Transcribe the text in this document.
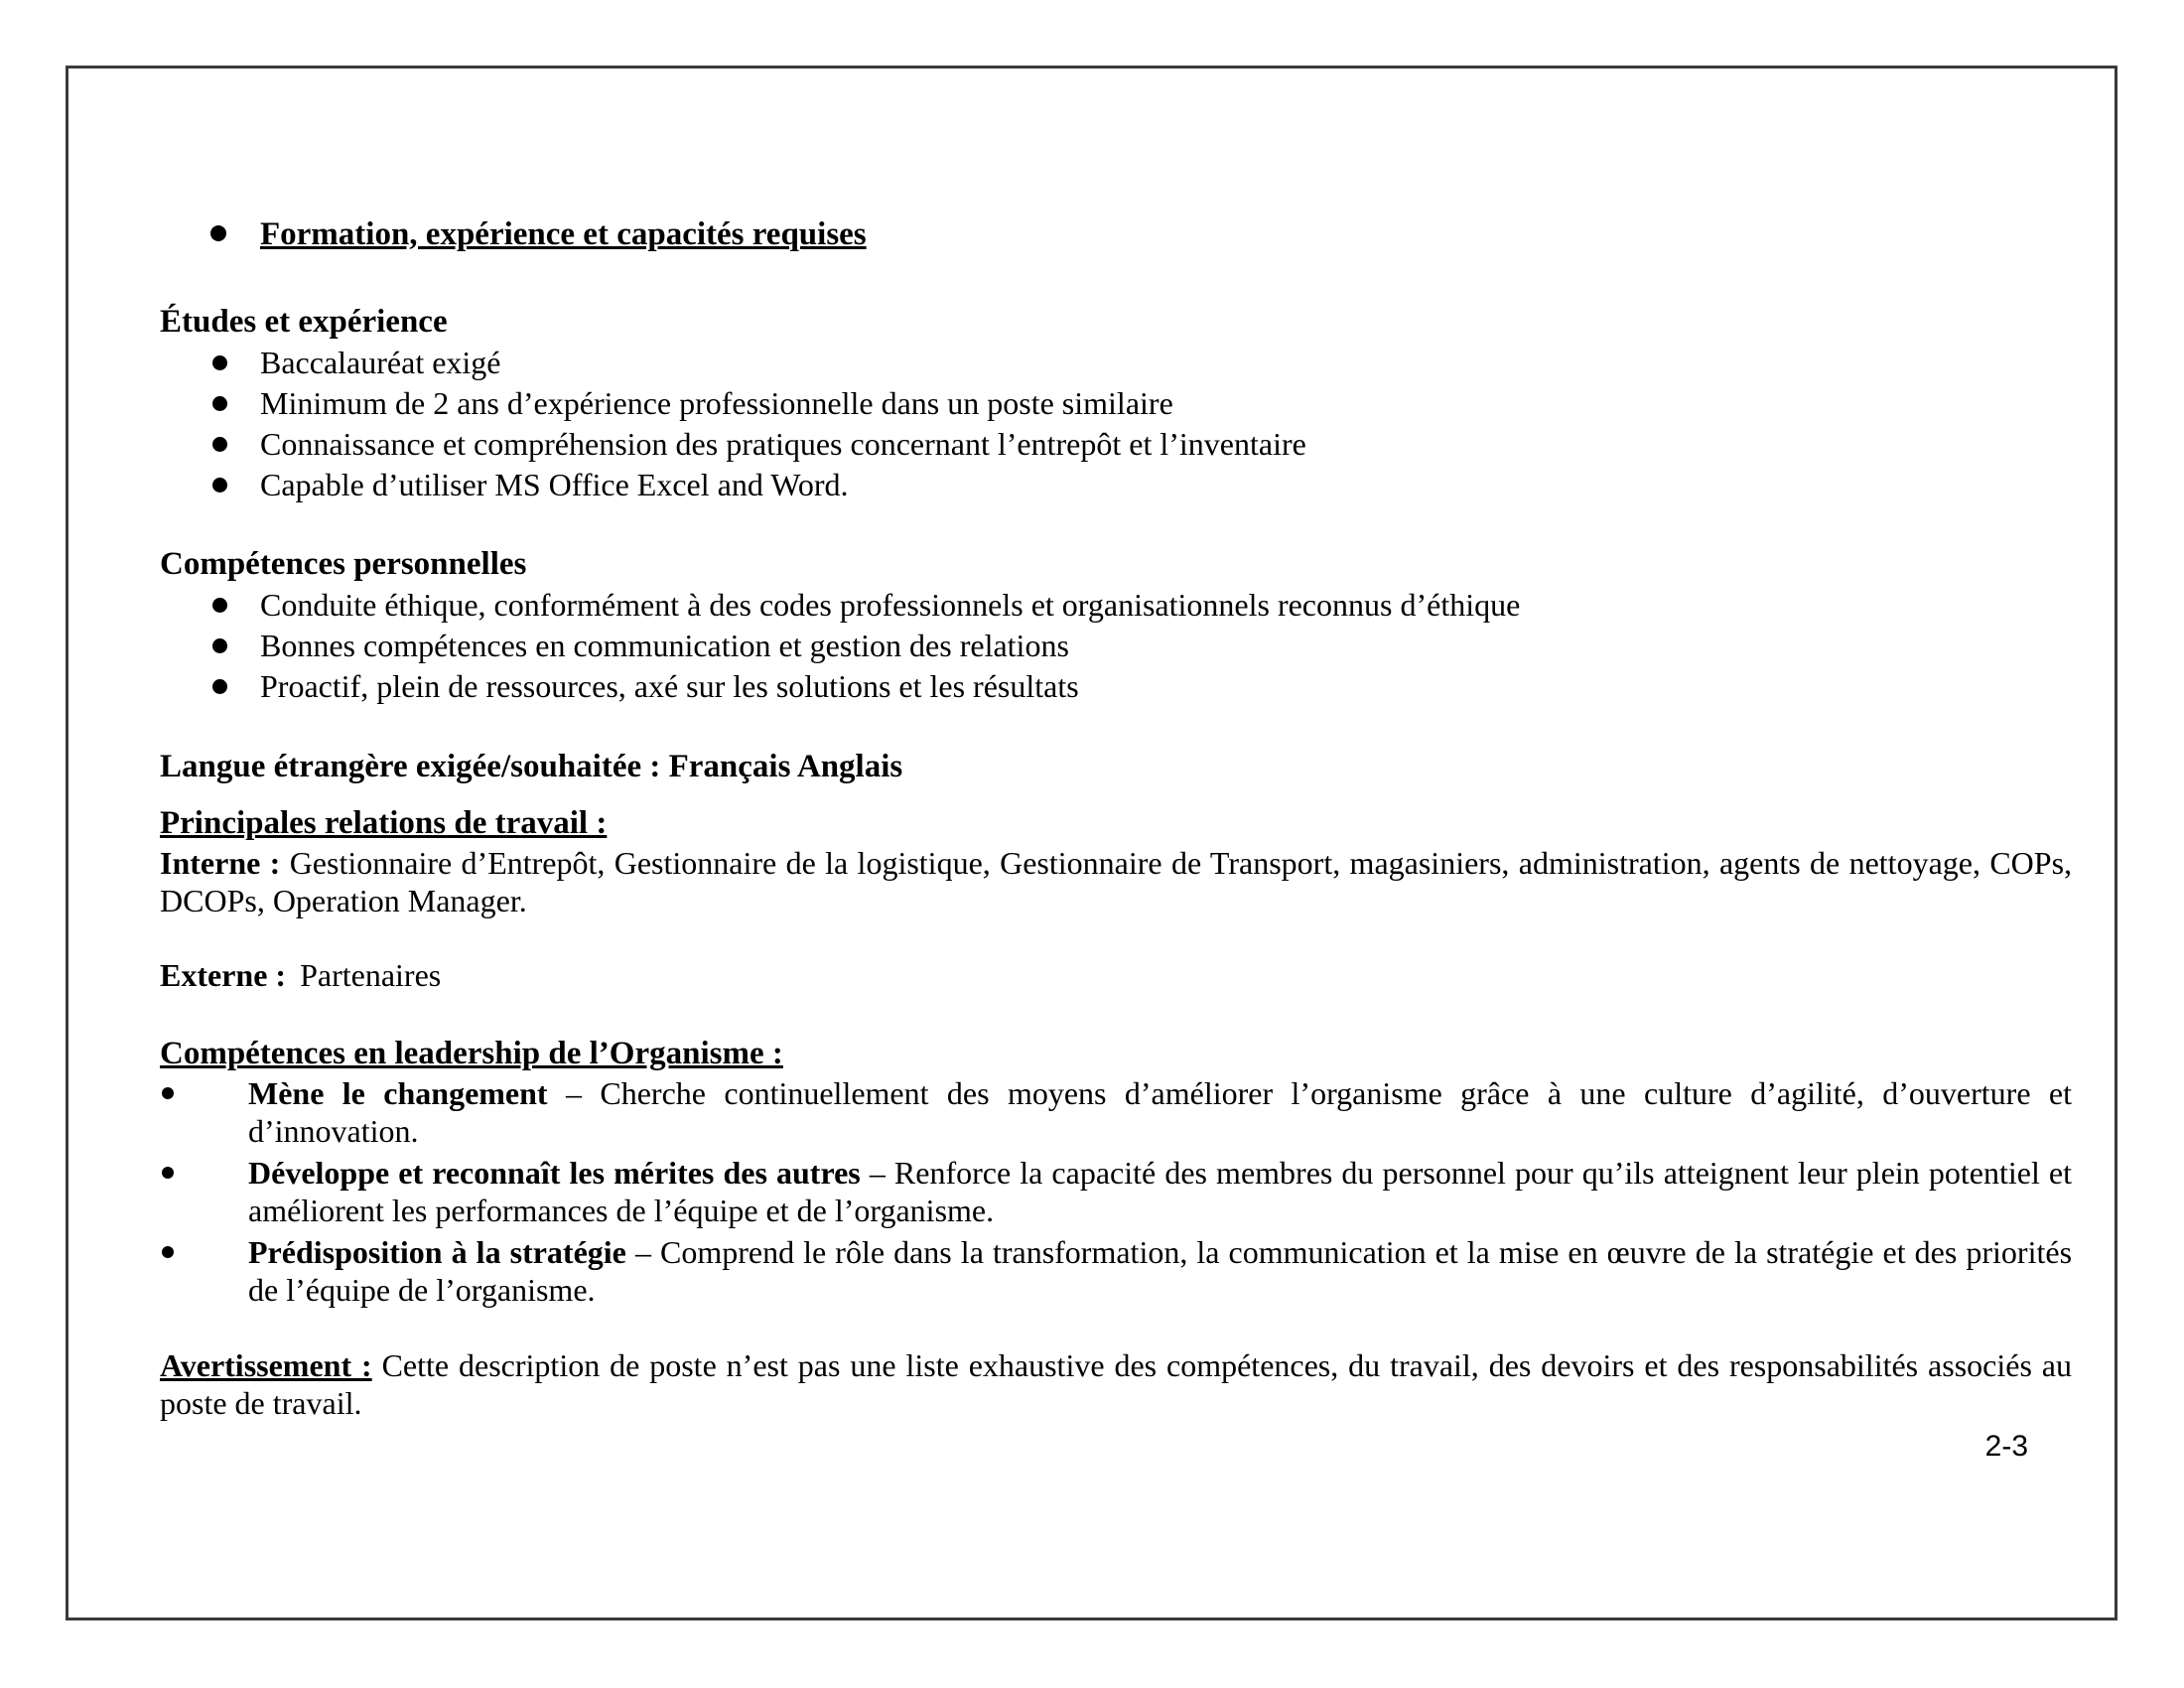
Formation, expérience et capacités requises
Études et expérience
Baccalauréat exigé
Minimum de 2 ans d’expérience professionnelle dans un poste similaire
Connaissance et compréhension des pratiques concernant l’entrepôt et l’inventaire
Capable d’utiliser MS Office Excel and Word.
Compétences personnelles
Conduite éthique, conformément à des codes professionnels et organisationnels reconnus d’éthique
Bonnes compétences en communication et gestion des relations
Proactif, plein de ressources, axé sur les solutions et les résultats

Langue étrangère exigée/souhaitée : Français Anglais

Principales relations de travail :

Interne : Gestionnaire d’Entrepôt, Gestionnaire de la logistique, Gestionnaire de Transport, magasiniers, administration, agents de nettoyage, COPs, DCOPs, Operation Manager.

Externe : Partenaires

Compétences en leadership de l’Organisme :
Mène le changement – Cherche continuellement des moyens d’améliorer l’organisme grâce à une culture d’agilité, d’ouverture et d’innovation.
Développe et reconnaît les mérites des autres – Renforce la capacité des membres du personnel pour qu’ils atteignent leur plein potentiel et améliorent les performances de l’équipe et de l’organisme.
Prédisposition à la stratégie – Comprend le rôle dans la transformation, la communication et la mise en œuvre de la stratégie et des priorités de l’équipe de l’organisme.

Avertissement : Cette description de poste n’est pas une liste exhaustive des compétences, du travail, des devoirs et des responsabilités associés au poste de travail.

2-3
